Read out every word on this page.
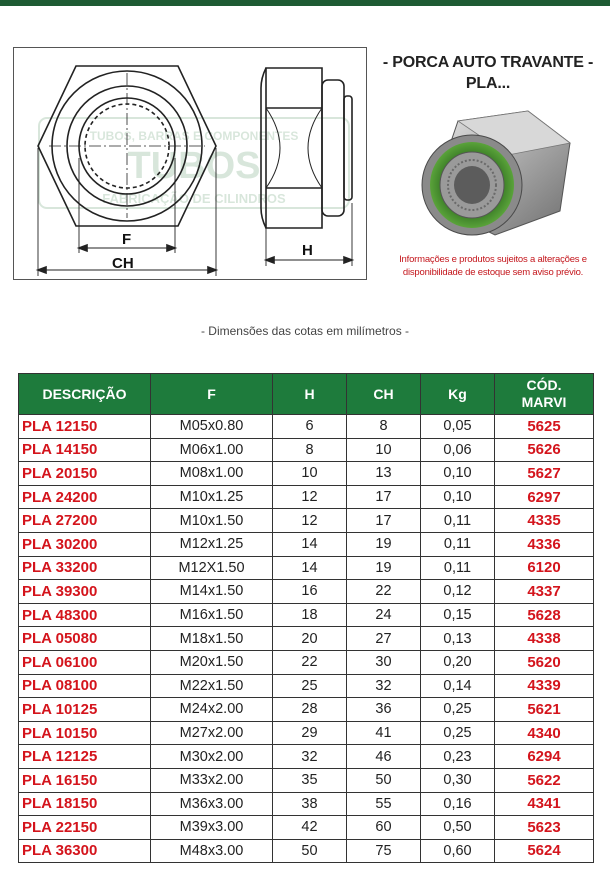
TUBOS, BARRAS E COMPONENTES
TUBOS
FABRICAÇÃO DE CILINDROS
F
CH
H
- PORCA AUTO TRAVANTE -
PLA...
Informações e produtos sujeitos a alterações e
disponibilidade de estoque sem aviso prévio.
- Dimensões das cotas em milímetros -
DESCRIÇÃO	F	H	CH	Kg	CÓD.
MARVI

PLA 12150	M05x0.80	6	8	0,05	5625
PLA 14150	M06x1.00	8	10	0,06	5626
PLA 20150	M08x1.00	10	13	0,10	5627
PLA 24200	M10x1.25	12	17	0,10	6297
PLA 27200	M10x1.50	12	17	0,11	4335
PLA 30200	M12x1.25	14	19	0,11	4336
PLA 33200	M12X1.50	14	19	0,11	6120
PLA 39300	M14x1.50	16	22	0,12	4337
PLA 48300	M16x1.50	18	24	0,15	5628
PLA 05080	M18x1.50	20	27	0,13	4338
PLA 06100	M20x1.50	22	30	0,20	5620
PLA 08100	M22x1.50	25	32	0,14	4339
PLA 10125	M24x2.00	28	36	0,25	5621
PLA 10150	M27x2.00	29	41	0,25	4340
PLA 12125	M30x2.00	32	46	0,23	6294
PLA 16150	M33x2.00	35	50	0,30	5622
PLA 18150	M36x3.00	38	55	0,16	4341
PLA 22150	M39x3.00	42	60	0,50	5623
PLA 36300	M48x3.00	50	75	0,60	5624
